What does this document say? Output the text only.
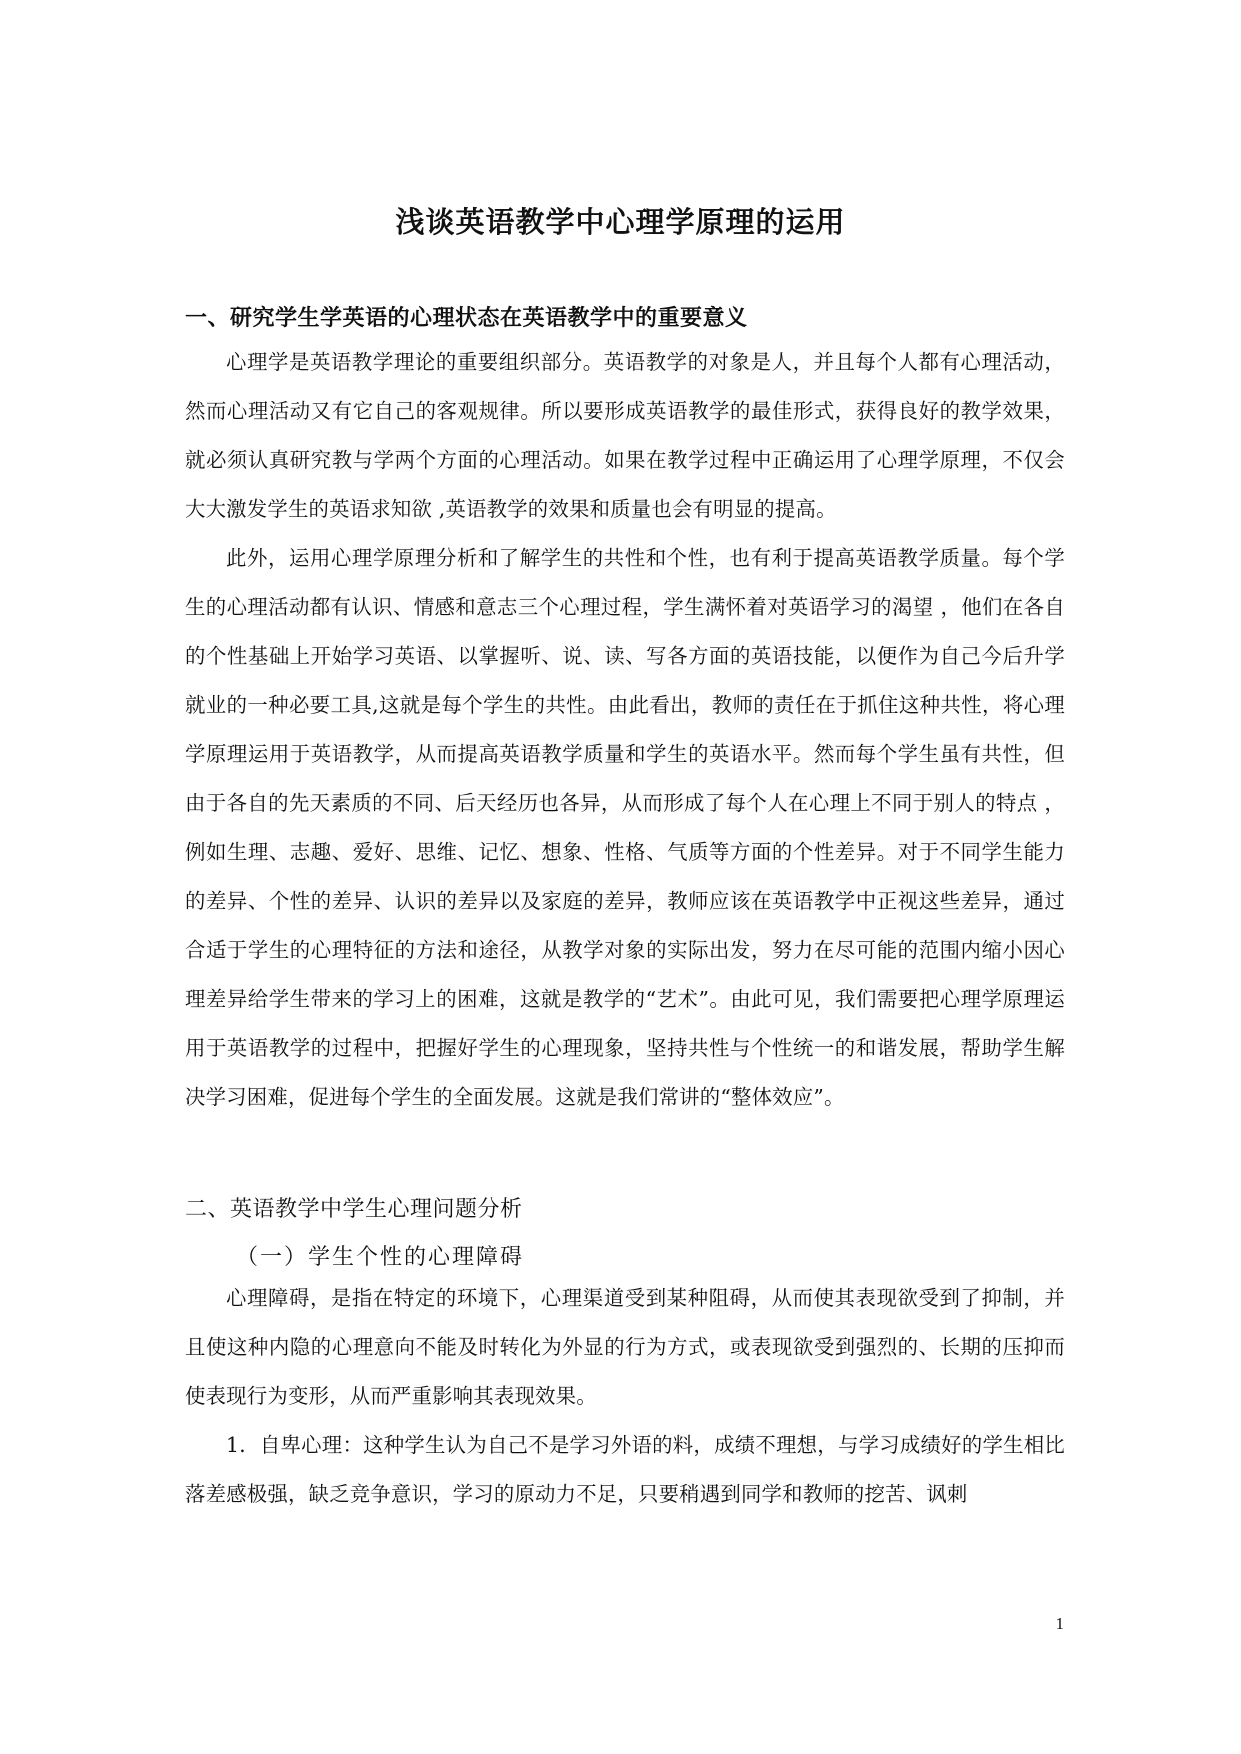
浅谈英语教学中心理学原理的运用
一、研究学生学英语的心理状态在英语教学中的重要意义

心理学是英语教学理论的重要组织部分。英语教学的对象是人，并且每个人都有心理活动，然而心理活动又有它自己的客观规律。所以要形成英语教学的最佳形式，获得良好的教学效果，就必须认真研究教与学两个方面的心理活动。如果在教学过程中正确运用了心理学原理，不仅会大大激发学生的英语求知欲 ,英语教学的效果和质量也会有明显的提高。

此外，运用心理学原理分析和了解学生的共性和个性，也有利于提高英语教学质量。每个学生的心理活动都有认识、情感和意志三个心理过程，学生满怀着对英语学习的渴望 ，他们在各自的个性基础上开始学习英语、以掌握听、说、读、写各方面的英语技能，以便作为自己今后升学就业的一种必要工具,这就是每个学生的共性。由此看出，教师的责任在于抓住这种共性，将心理学原理运用于英语教学，从而提高英语教学质量和学生的英语水平。然而每个学生虽有共性，但由于各自的先天素质的不同、后天经历也各异，从而形成了每个人在心理上不同于别人的特点 ，例如生理、志趣、爱好、思维、记忆、想象、性格、气质等方面的个性差异。对于不同学生能力的差异、个性的差异、认识的差异以及家庭的差异，教师应该在英语教学中正视这些差异，通过合适于学生的心理特征的方法和途径，从教学对象的实际出发，努力在尽可能的范围内缩小因心理差异给学生带来的学习上的困难，这就是教学的“艺术”。由此可见，我们需要把心理学原理运用于英语教学的过程中，把握好学生的心理现象，坚持共性与个性统一的和谐发展，帮助学生解决学习困难，促进每个学生的全面发展。这就是我们常讲的“整体效应”。

二、英语教学中学生心理问题分析
（一）学生个性的心理障碍

心理障碍，是指在特定的环境下，心理渠道受到某种阻碍，从而使其表现欲受到了抑制，并且使这种内隐的心理意向不能及时转化为外显的行为方式，或表现欲受到强烈的、长期的压抑而使表现行为变形，从而严重影响其表现效果。

1．自卑心理：这种学生认为自己不是学习外语的料，成绩不理想，与学习成绩好的学生相比落差感极强，缺乏竞争意识，学习的原动力不足，只要稍遇到同学和教师的挖苦、讽刺

1
